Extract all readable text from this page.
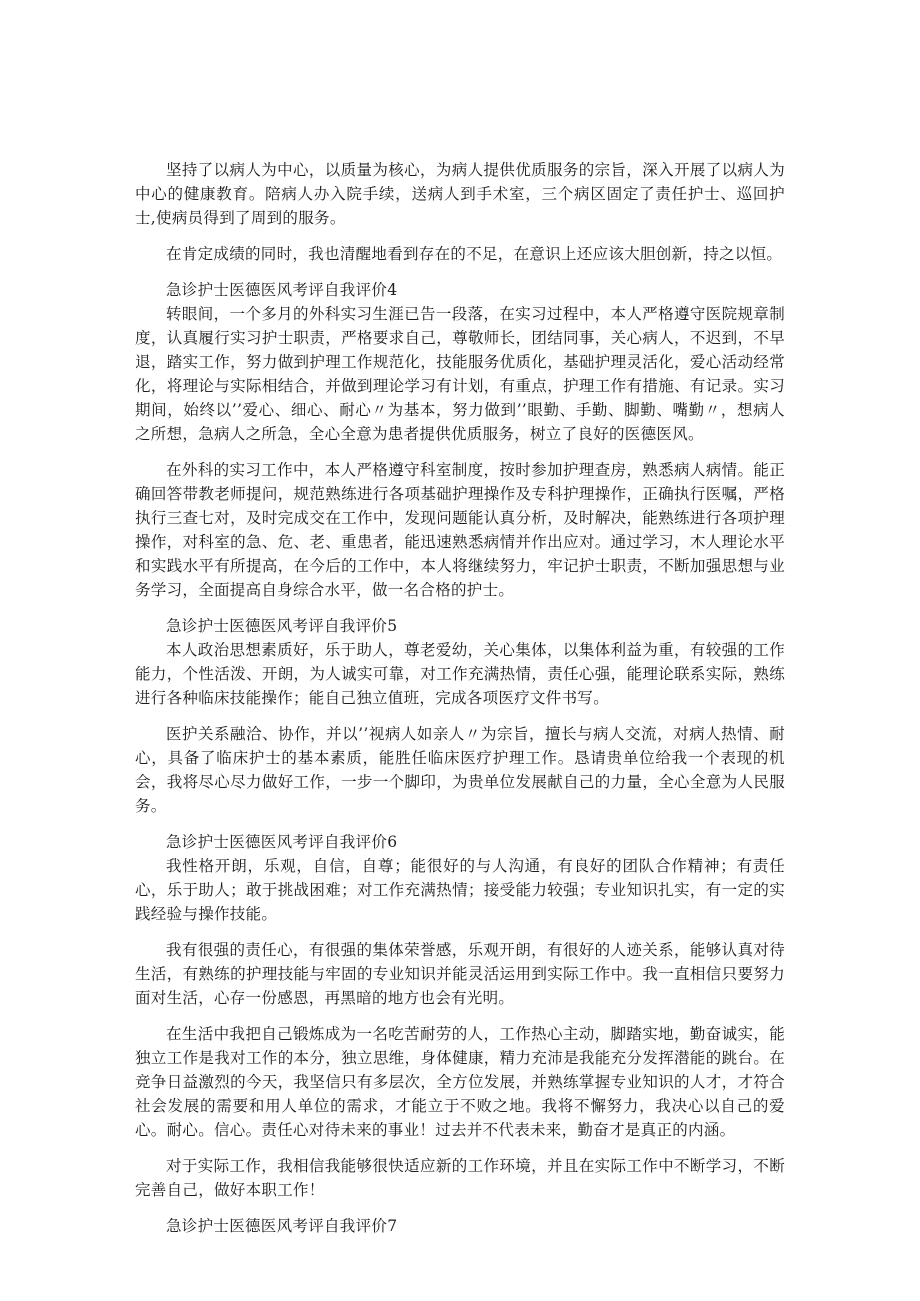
坚持了以病人为中心，以质量为核心，为病人提供优质服务的宗旨，深入开展了以病人为中心的健康教育。陪病人办入院手续，送病人到手术室，三个病区固定了责任护士、巡回护士,使病员得到了周到的服务。

在肯定成绩的同时，我也清醒地看到存在的不足，在意识上还应该大胆创新，持之以恒。

急诊护士医德医风考评自我评价4

转眼间，一个多月的外科实习生涯已告一段落，在实习过程中，本人严格遵守医院规章制度，认真履行实习护士职责，严格要求自己，尊敬师长，团结同事，关心病人，不迟到，不早退，踏实工作，努力做到护理工作规范化，技能服务优质化，基础护理灵活化，爱心活动经常化，将理论与实际相结合，并做到理论学习有计划，有重点，护理工作有措施、有记录。实习期间，始终以’’爱心、细心、耐心〃为基本，努力做到’’眼勤、手勤、脚勤、嘴勤〃，想病人之所想，急病人之所急，全心全意为患者提供优质服务，树立了良好的医德医风。

在外科的实习工作中，本人严格遵守科室制度，按时参加护理查房，熟悉病人病情。能正确回答带教老师提问，规范熟练进行各项基础护理操作及专科护理操作，正确执行医嘱，严格执行三查七对，及时完成交在工作中，发现问题能认真分析，及时解决，能熟练进行各项护理操作，对科室的急、危、老、重患者，能迅速熟悉病情并作出应对。通过学习，木人理论水平和实践水平有所提高，在今后的工作中，本人将继续努力，牢记护士职责，不断加强思想与业务学习，全面提高自身综合水平，做一名合格的护士。

急诊护士医德医风考评自我评价5

本人政治思想素质好，乐于助人，尊老爱幼，关心集体，以集体利益为重，有较强的工作能力，个性活泼、开朗，为人诚实可靠，对工作充满热情，责任心强，能理论联系实际，熟练进行各种临床技能操作；能自己独立值班，完成各项医疗文件书写。

医护关系融洽、协作，并以’’视病人如亲人〃为宗旨，擅长与病人交流，对病人热情、耐心，具备了临床护士的基本素质，能胜任临床医疗护理工作。恳请贵单位给我一个表现的机会，我将尽心尽力做好工作，一步一个脚印，为贵单位发展献自己的力量，全心全意为人民服务。

急诊护士医德医风考评自我评价6

我性格开朗，乐观，自信，自尊；能很好的与人沟通，有良好的团队合作精神；有责任心，乐于助人；敢于挑战困难；对工作充满热情；接受能力较强；专业知识扎实，有一定的实践经验与操作技能。

我有很强的责任心，有很强的集体荣誉感，乐观开朗，有很好的人迹关系，能够认真对待生活，有熟练的护理技能与牢固的专业知识并能灵活运用到实际工作中。我一直相信只要努力面对生活，心存一份感恩，再黑暗的地方也会有光明。

在生活中我把自己锻炼成为一名吃苦耐劳的人，工作热心主动，脚踏实地，勤奋诚实，能独立工作是我对工作的本分，独立思维，身体健康，精力充沛是我能充分发挥潜能的跳台。在竞争日益激烈的今天，我坚信只有多层次，全方位发展，并熟练掌握专业知识的人才，才符合社会发展的需要和用人单位的需求，才能立于不败之地。我将不懈努力，我决心以自己的爱心。耐心。信心。责任心对待未来的事业！过去并不代表未来，勤奋才是真正的内涵。

对于实际工作，我相信我能够很快适应新的工作环境，并且在实际工作中不断学习，不断完善自己，做好本职工作！

急诊护士医德医风考评自我评价7
